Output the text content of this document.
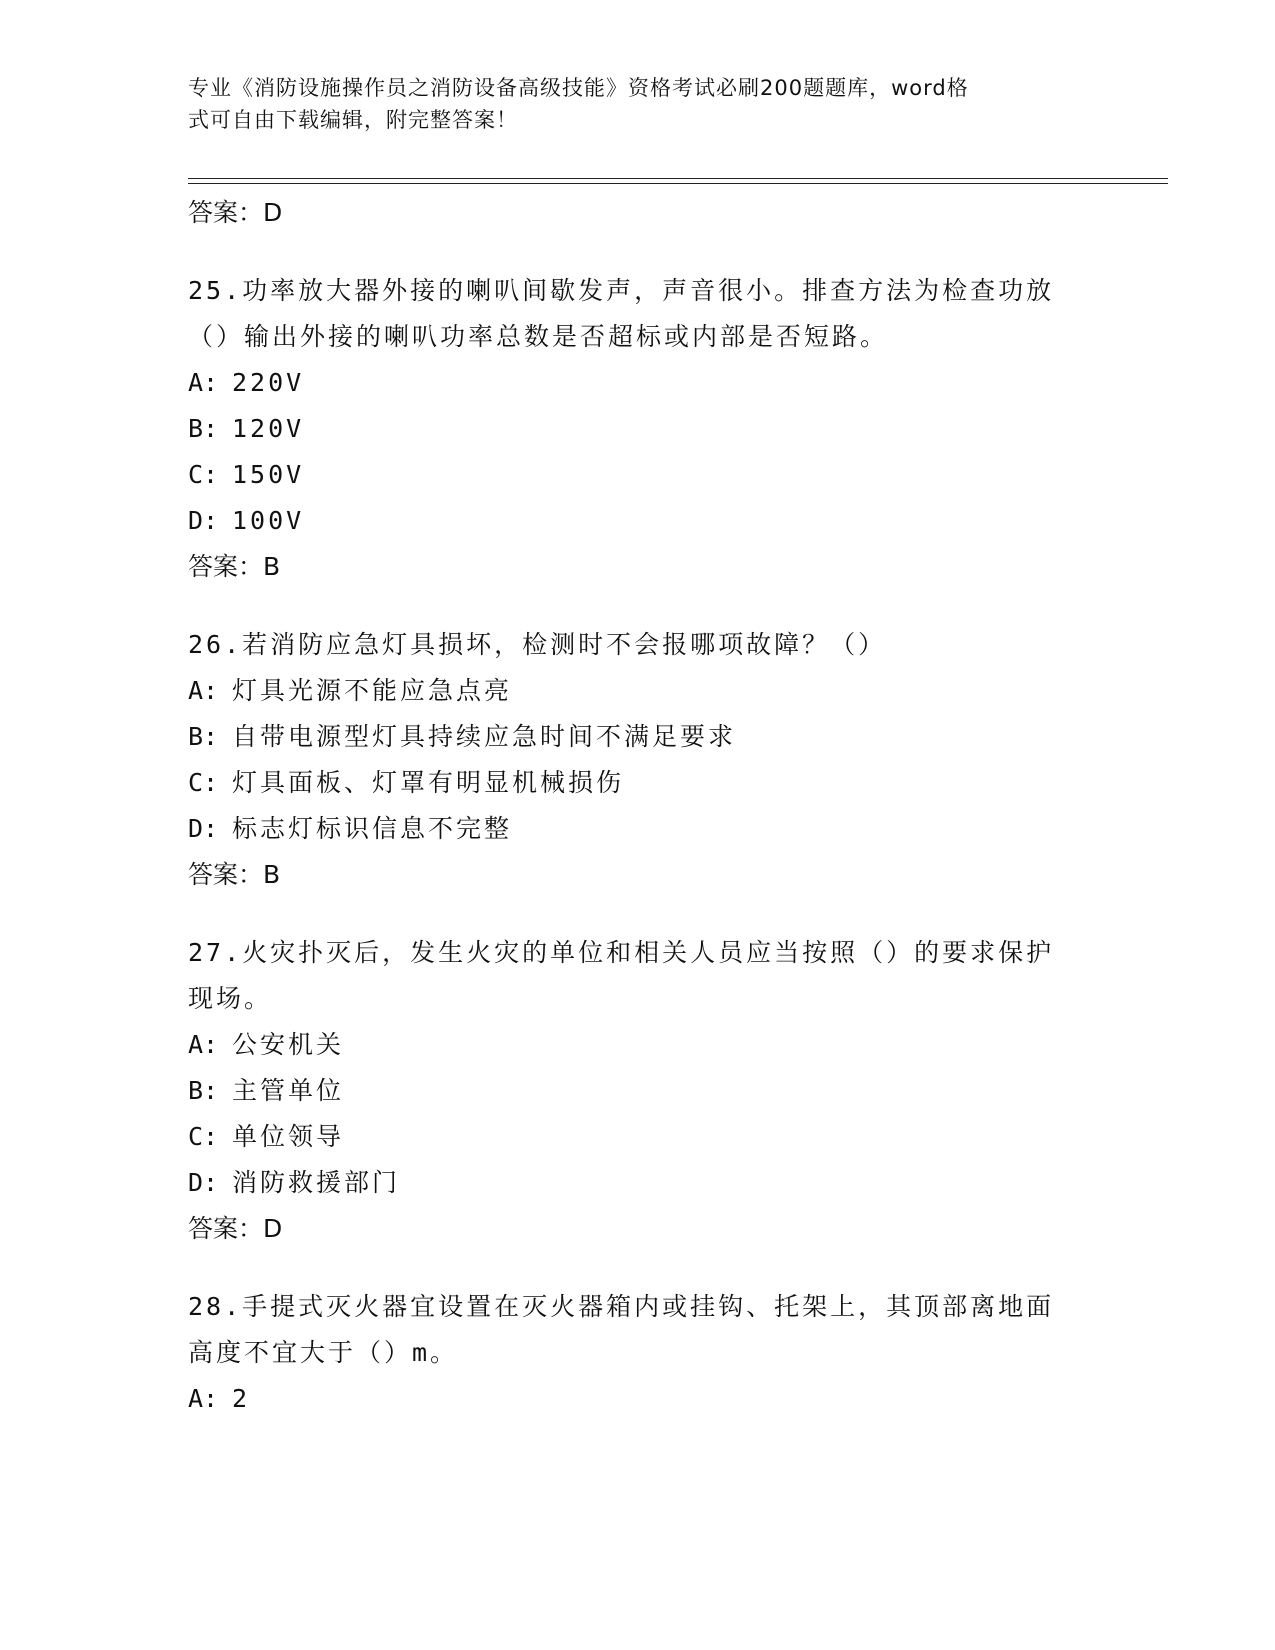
专业《消防设施操作员之消防设备高级技能》资格考试必刷200题题库，word格
式可自由下载编辑，附完整答案！
答案：D
25.功率放大器外接的喇叭间歇发声，声音很小。排查方法为检查功放
（）输出外接的喇叭功率总数是否超标或内部是否短路。
A: 220V
B: 120V
C: 150V
D: 100V
答案：B
26.若消防应急灯具损坏，检测时不会报哪项故障？（）
A: 灯具光源不能应急点亮
B: 自带电源型灯具持续应急时间不满足要求
C: 灯具面板、灯罩有明显机械损伤
D: 标志灯标识信息不完整
答案：B
27.火灾扑灭后，发生火灾的单位和相关人员应当按照（）的要求保护
现场。
A: 公安机关
B: 主管单位
C: 单位领导
D: 消防救援部门
答案：D
28.手提式灭火器宜设置在灭火器箱内或挂钩、托架上，其顶部离地面
高度不宜大于（）m。
A: 2
